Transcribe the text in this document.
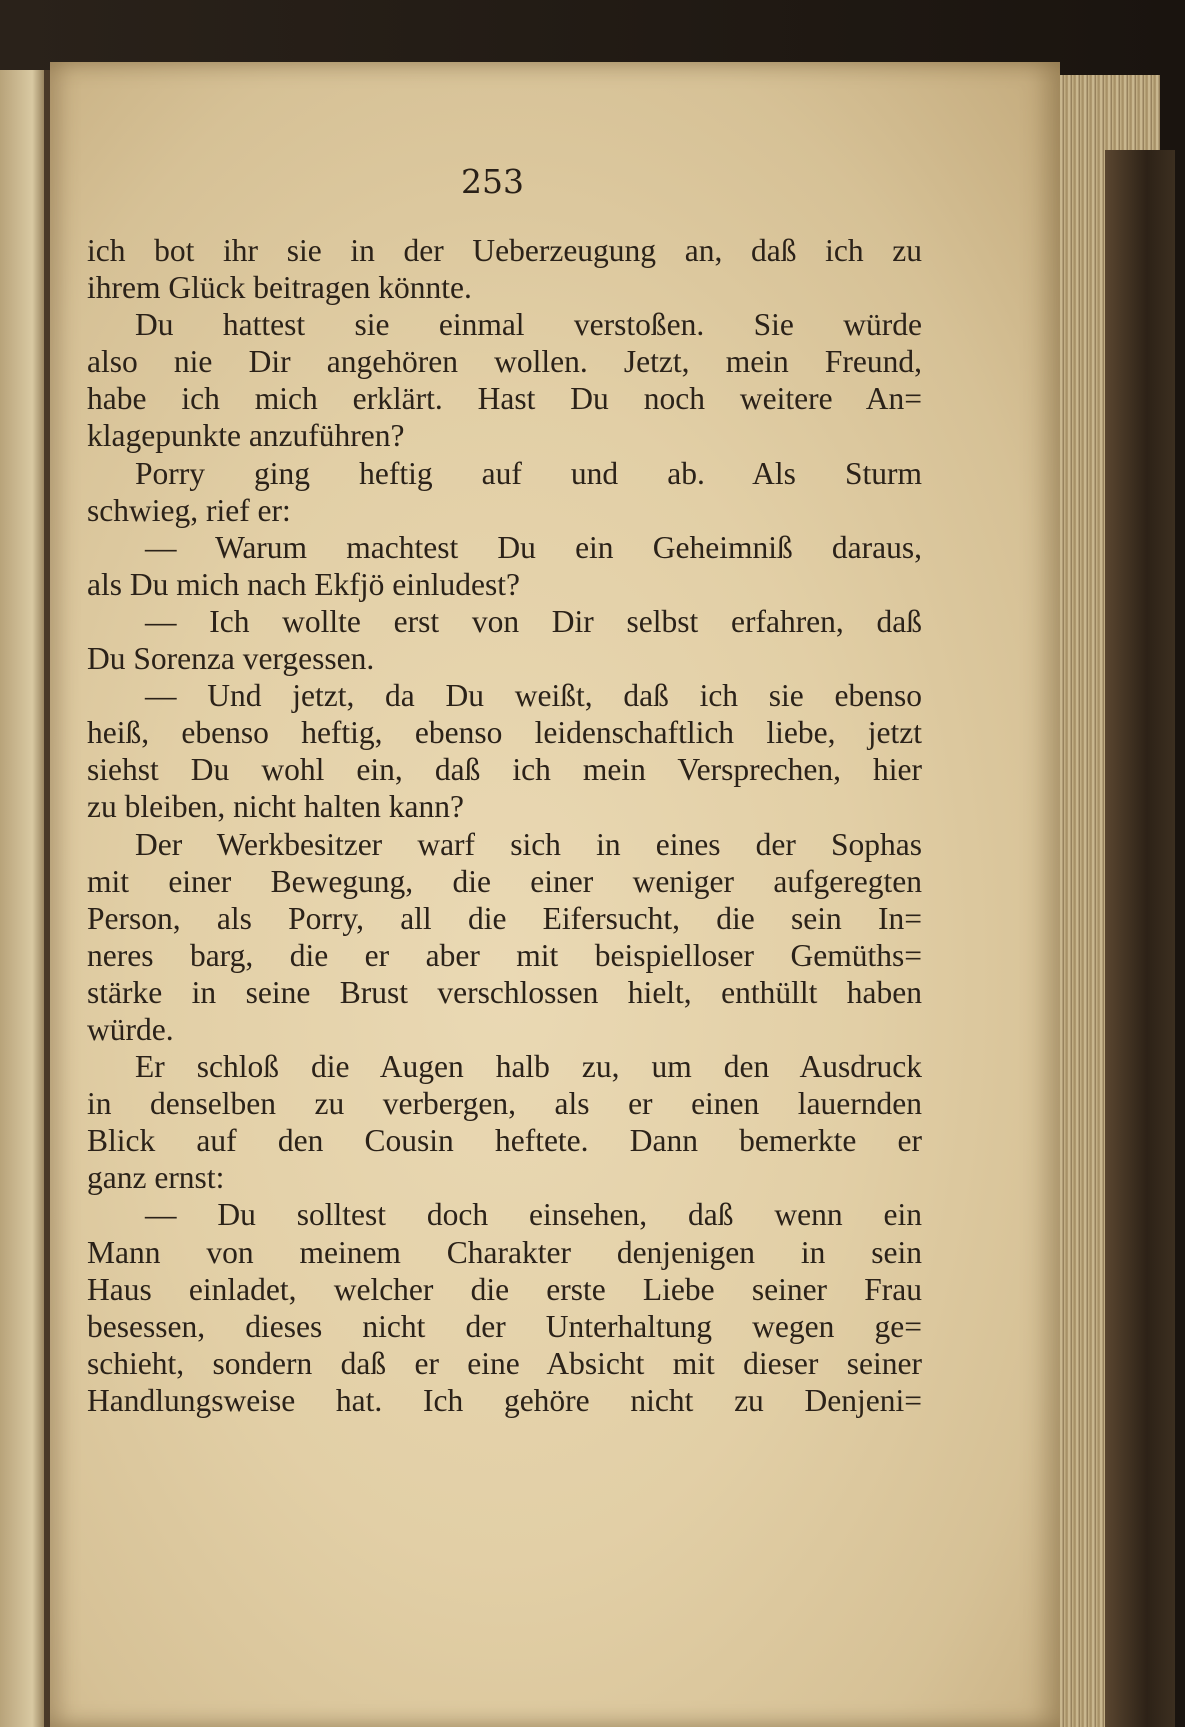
253
ich bot ihr sie in der Ueberzeugung an, daß ich zu
ihrem Glück beitragen könnte.
Du hattest sie einmal verstoßen. Sie würde
also nie Dir angehören wollen. Jetzt, mein Freund,
habe ich mich erklärt. Hast Du noch weitere An=
klagepunkte anzuführen?
Porry ging heftig auf und ab. Als Sturm
schwieg, rief er:
— Warum machtest Du ein Geheimniß daraus,
als Du mich nach Ekfjö einludest?
— Ich wollte erst von Dir selbst erfahren, daß
Du Sorenza vergessen.
— Und jetzt, da Du weißt, daß ich sie ebenso
heiß, ebenso heftig, ebenso leidenschaftlich liebe, jetzt
siehst Du wohl ein, daß ich mein Versprechen, hier
zu bleiben, nicht halten kann?
Der Werkbesitzer warf sich in eines der Sophas
mit einer Bewegung, die einer weniger aufgeregten
Person, als Porry, all die Eifersucht, die sein In=
neres barg, die er aber mit beispielloser Gemüths=
stärke in seine Brust verschlossen hielt, enthüllt haben
würde.
Er schloß die Augen halb zu, um den Ausdruck
in denselben zu verbergen, als er einen lauernden
Blick auf den Cousin heftete. Dann bemerkte er
ganz ernst:
— Du solltest doch einsehen, daß wenn ein
Mann von meinem Charakter denjenigen in sein
Haus einladet, welcher die erste Liebe seiner Frau
besessen, dieses nicht der Unterhaltung wegen ge=
schieht, sondern daß er eine Absicht mit dieser seiner
Handlungsweise hat. Ich gehöre nicht zu Denjeni=
